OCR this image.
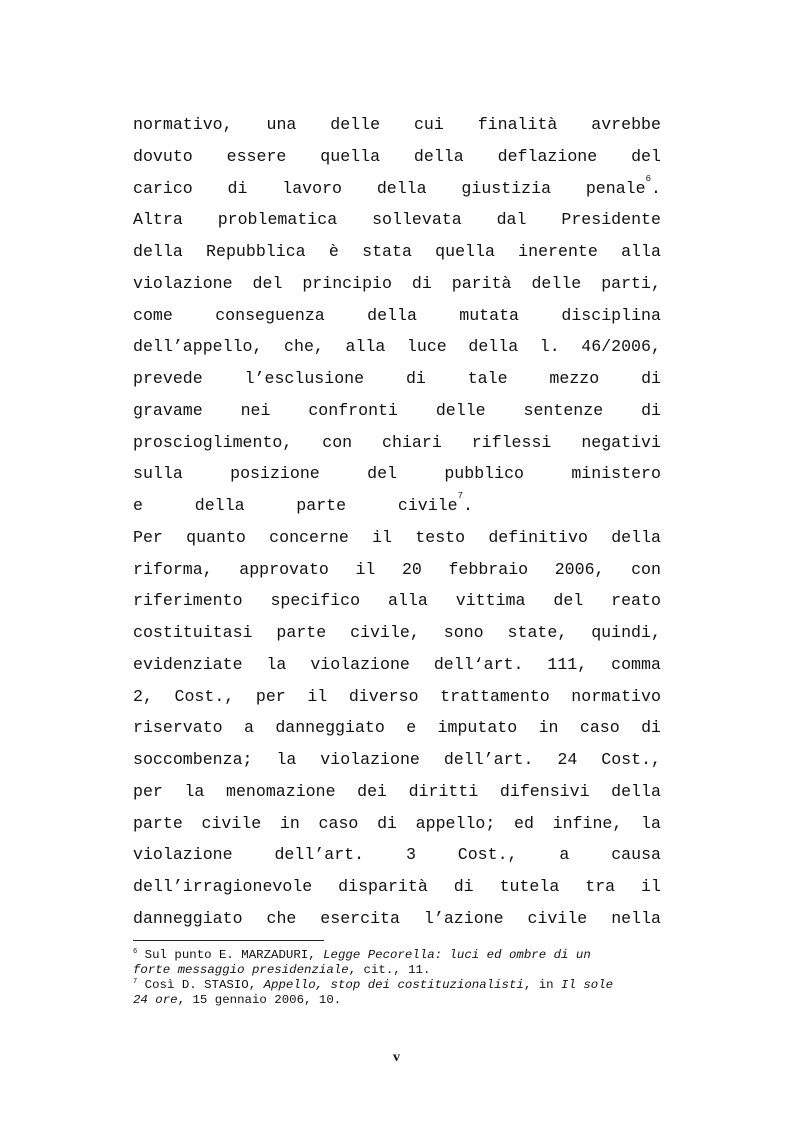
normativo, una delle cui finalità avrebbe
dovuto essere quella della deflazione del
carico di lavoro della giustizia penale$^6$.
Altra problematica sollevata dal Presidente
della Repubblica è stata quella inerente alla
violazione del principio di parità delle parti,
come	conseguenza	della	mutata	disciplina
dell’appello, che, alla luce della l. 46/2006,
prevede	l’esclusione	di	tale	mezzo	di
gravame nei confronti delle sentenze di
proscioglimento, con chiari riflessi negativi
sulla	posizione	del	pubblico	ministero
e	della	parte	civile$^7$.
Per quanto concerne il testo definitivo della
riforma, approvato il 20 febbraio 2006, con
riferimento specifico alla vittima del reato
costituitasi parte civile, sono state, quindi,
evidenziate la violazione dell‘art. 111, comma
2, Cost., per il diverso trattamento normativo
riservato a danneggiato e imputato in caso di
soccombenza; la violazione dell’art. 24 Cost.,
per la menomazione dei diritti difensivi della
parte civile in caso di appello; ed infine, la
violazione	dell’art.	3	Cost.,	a	causa
dell’irragionevole disparità di tutela tra il
danneggiato che esercita l’azione civile nella
$^6$ Sul punto E. MARZADURI, Legge Pecorella: luci ed ombre di un
forte messaggio presidenziale, cit., 11.
$^7$ Così D. STASIO, Appello, stop dei costituzionalisti, in Il sole
24 ore, 15 gennaio 2006, 10.
v
